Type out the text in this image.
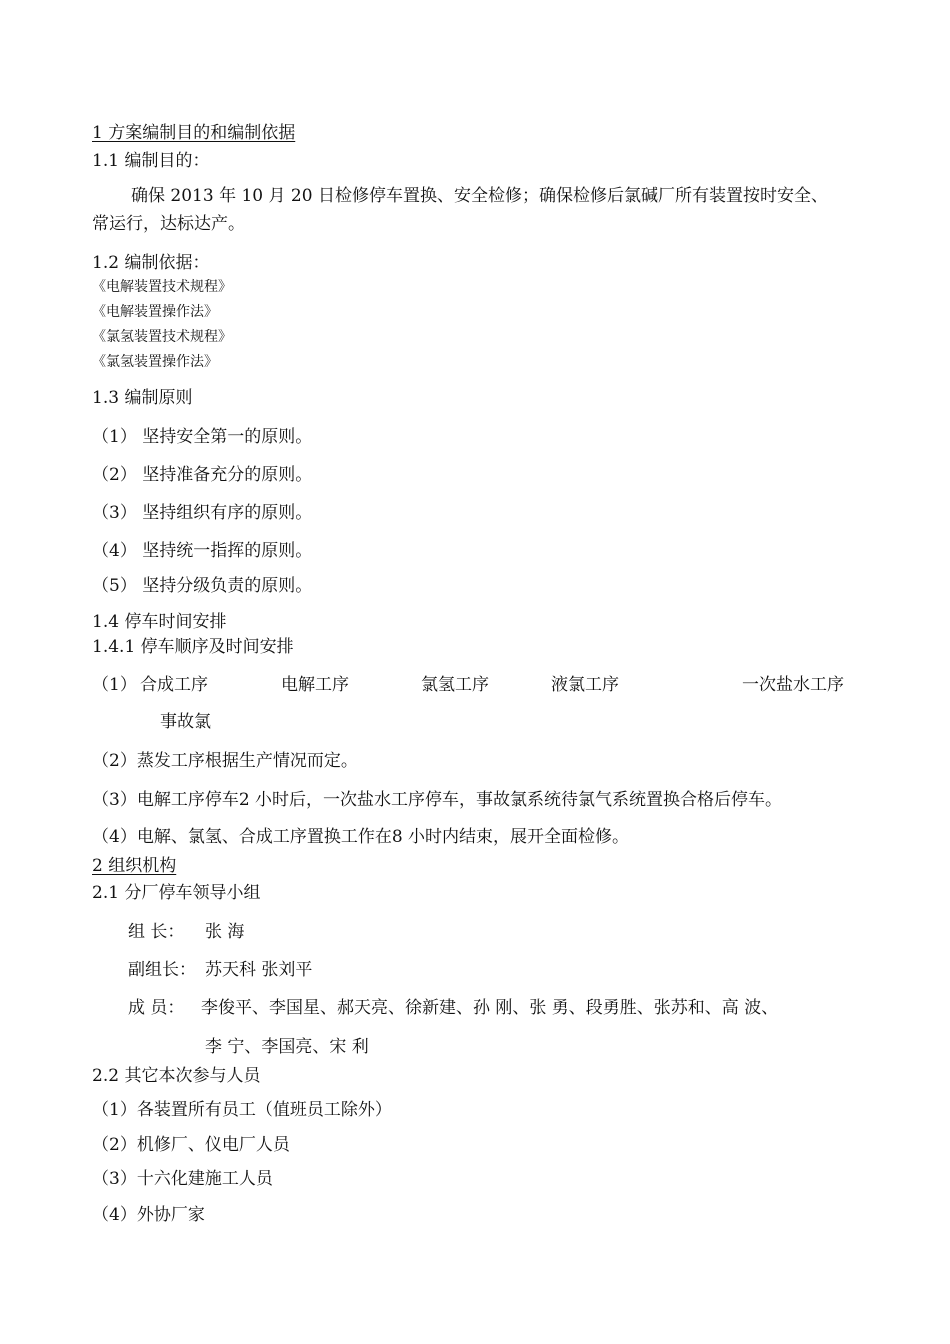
1 方案编制目的和编制依据
1.1 编制目的：
确保 2013 年 10 月 20 日检修停车置换、安全检修；确保检修后氯碱厂所有装置按时安全、
常运行，达标达产。
1.2 编制依据：
《电解装置技术规程》
《电解装置操作法》
《氯氢装置技术规程》
《氯氢装置操作法》
1.3 编制原则
（1） 坚持安全第一的原则。
（2） 坚持准备充分的原则。
（3） 坚持组织有序的原则。
（4） 坚持统一指挥的原则。
（5） 坚持分级负责的原则。
1.4 停车时间安排
1.4.1 停车顺序及时间安排
（1） 合成工序	电解工序	氯氢工序	液氯工序	一次盐水工序
事故氯
（2）蒸发工序根据生产情况而定。
（3）电解工序停车2 小时后，一次盐水工序停车，事故氯系统待氯气系统置换合格后停车。
（4）电解、氯氢、合成工序置换工作在8 小时内结束，展开全面检修。
2 组织机构
2.1 分厂停车领导小组
组 长： 张 海
副组长： 苏天科 张刘平
成 员： 李俊平、李国星、郝天亮、徐新建、孙 刚、张 勇、段勇胜、张苏和、高 波、
李 宁、李国亮、宋 利
2.2 其它本次参与人员
（1）各装置所有员工（值班员工除外）
（2）机修厂、仪电厂人员
（3）十六化建施工人员
（4）外协厂家
